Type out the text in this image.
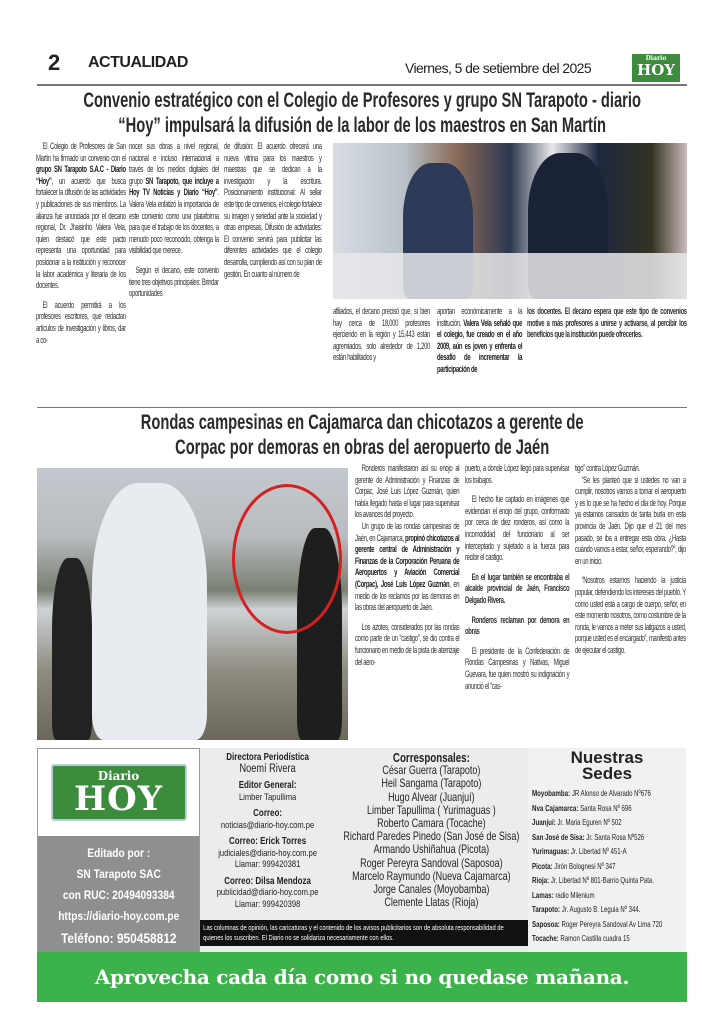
2 ACTUALIDAD	Viernes, 5 de setiembre del 2025
Diario
HOY
Convenio estratégico con el Colegio de Profesores y grupo SN Tarapoto - diario
“Hoy” impulsará la difusión de la labor de los maestros en San Martín

El Colegio de Profesores de San Martín ha firmado un convenio con el grupo SN Tarapoto S.A.C - Diario “Hoy”, un acuerdo que busca fortalecer la difusión de las actividades y publicaciones de sus miembros. La alianza fue anunciada por el decano regional, Dr. Jhaisinho Valera Vela, quien destacó que este pacto representa una oportunidad para posicionar a la institución y reconocer la labor académica y literaria de los docentes.

El acuerdo permitirá a los profesores escritores, que redactan artículos de investigación y libros, dar a co-

nocer sus obras a nivel regional, nacional e incluso internacional a través de los medios digitales del grupo SN Tarapoto, que incluye a Hoy TV Noticias y Diario “Hoy”. Valera Vela enfatizó la importancia de este convenio como una plataforma para que el trabajo de los docentes, a menudo poco reconocido, obtenga la visibilidad que merece.

Según el decano, este convenio tiene tres objetivos principales: Brindar oportunidades

de difusión: El acuerdo ofrecerá una nueva vitrina para los maestros y maestras que se dedican a la investigación y la escritura. Posicionamiento institucional: Al sellar este tipo de convenios, el colegio fortalece su imagen y seriedad ante la sociedad y otras empresas. Difusión de actividades: El convenio servirá para publicitar las diferentes actividades que el colegio desarrolla, cumpliendo así con su plan de gestión. En cuanto al número de

afiliados, el decano precisó que, si bien hay cerca de 18,000 profesores ejerciendo en la región y 15,443 están agremiados, solo alrededor de 1,200 están habilitados y

aportan económicamente a la institución. Valera Vela señaló que el colegio, fue creado en el año 2009, aún es joven y enfrenta el desafío de incrementar la participación de

los docentes. El decano espera que este tipo de convenios motive a más profesores a unirse y activarse, al percibir los beneficios que la institución puede ofrecerles.

Rondas campesinas en Cajamarca dan chicotazos a gerente de
Corpac por demoras en obras del aeropuerto de Jaén

Ronderos manifestaron así su enojo al gerente de Administración y Finanzas de Corpac, José Luis López Guzmán, quien había llegado hasta el lugar para supervisar los avances del proyecto.

Un grupo de las rondas campesinas de Jaén, en Cajamarca, propinó chicotazos al gerente central de Administración y Finanzas de la Corporación Peruana de Aeropuertos y Aviación Comercial (Corpac), José Luis López Guzmán, en medio de los reclamos por las demoras en las obras del aeropuerto de Jaén.

Los azotes, considerados por las rondas como parte de un “castigo”, se dio contra el funcionario en medio de la pista de aterrizaje del aero-

puerto, a donde López llegó para supervisar los trabajos.

El hecho fue captado en imágenes que evidencian el enojo del grupo, conformado por cerca de diez ronderos, así como la incomodidad del funcionario al ser interceptado y sujetado a la fuerza para recibir el castigo.

En el lugar también se encontraba el alcalde provincial de Jaén, Francisco Delgado Rivera.

Ronderos reclaman por demora en obras

El presidente de la Confederación de Rondas Campesinas y Nativas, Miguel Guevara, fue quien mostró su indignación y anunció el “cas-

tigo” contra López Guzmán.

“Se les planteó que si ustedes no van a cumplir, nosotros vamos a tomar el aeropuerto y es lo que se ha hecho el día de hoy. Porque ya estamos cansados de tanta burla en esta provincia de Jaén. Dijo que el 21 del mes pasado, se iba a entregar esta obra. ¿Hasta cuándo vamos a estar, señor, esperando?”, dijo en un inicio.

“Nosotros estamos haciendo la justicia popular, defendiendo los intereses del pueblo. Y como usted está a cargo de cuerpo, señor, en este momento nosotros, como costumbre de la ronda, le vamos a meter sus latigazos a usted, porque usted es el encargado”, manifestó antes de ejecutar el castigo.

Diario
HOY
Editado por :
SN Tarapoto SAC
con RUC: 20494093384
https://diario-hoy.com.pe
Teléfono: 950458812
Directora Periodística
Noemí Rivera
Editor General:
Limber Tapullima
Correo:
noticias@diario-hoy.com.pe
Correo: Erick Torres
judiciales@diario-hoy.com.pe
Llamar: 999420381
Correo: Dilsa Mendoza
publicidad@diario-hoy.com.pe
Llamar: 999420398
Corresponsales:
César Guerra (Tarapoto)
Heil Sangama (Tarapoto)
Hugo Alvear (Juanjuí)
Limber Tapullima ( Yurimaguas )
Roberto Camara (Tocache)
Richard Paredes Pinedo (San José de Sisa)
Armando Ushiñahua (Picota)
Roger Pereyra Sandoval (Saposoa)
Marcelo Raymundo (Nueva Cajamarca)
Jorge Canales (Moyobamba)
Clemente Llatas (Rioja)
Las columnas de opinión, las caricaturas y el contenido de los avisos publicitarios son de absoluta responsabilidad de quienes los suscriben. El Diario no se solidariza necesariamente con ellos.
Nuestras
Sedes
Moyobamba: JR Alonso de Alvarado Nº676
Nva Cajamarca: Santa Rosa Nº 696
Juanjuí: Jr. Maria Eguren Nº 502
San José de Sisa: Jr. Santa Rosa Nº526
Yurimaguas: Jr. Libertad Nº 451-A
Picota: Jirón Bolognesi Nº 347
Rioja: Jr. Libertad Nº 801-Barrio Quinta Pata.
Lamas: radio Milenium
Tarapoto: Jr. Augusto B. Leguia Nº 344.
Saposoa: Roger Pereyra Sandoval Av Lima 720
Tocache: Ramon Castilla cuadra 15
Aprovecha cada día como si no quedase mañana.
